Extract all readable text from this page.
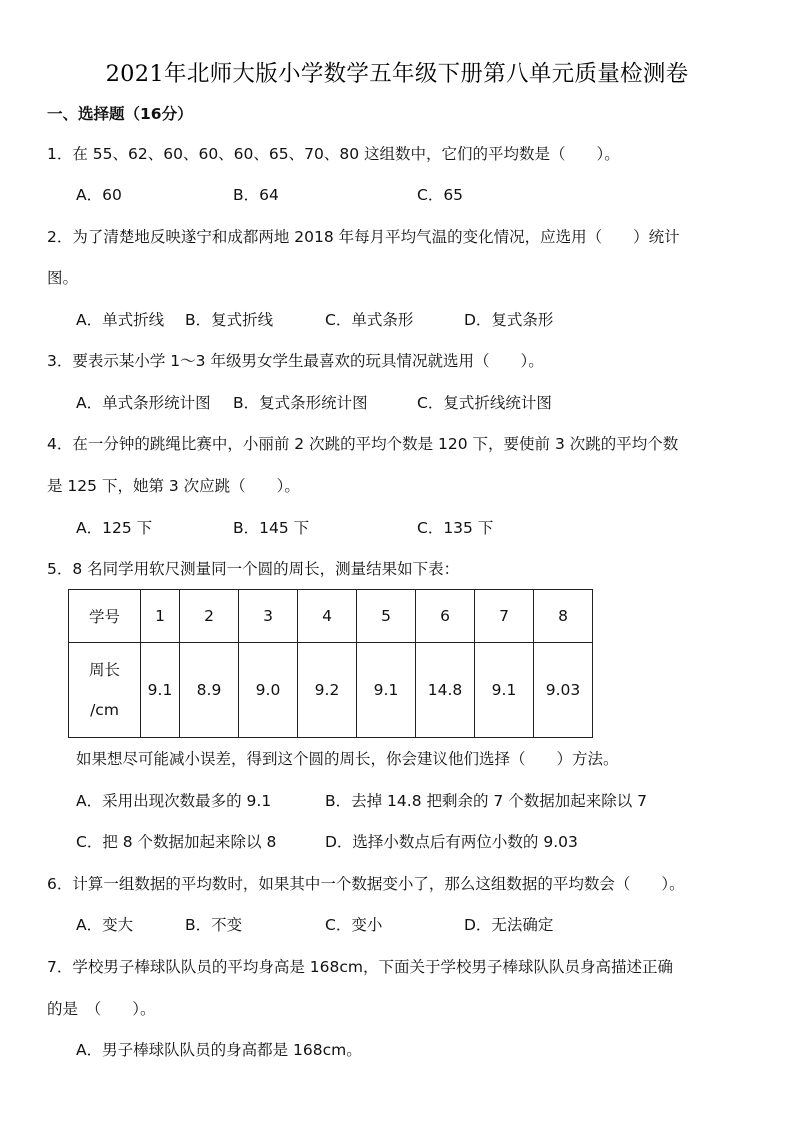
2021年北师大版小学数学五年级下册第八单元质量检测卷
一、选择题（16分）
1．在 55、62、60、60、60、65、70、80 这组数中，它们的平均数是（　　）。
A．60	B．64	C．65
2．为了清楚地反映遂宁和成都两地 2018 年每月平均气温的变化情况，应选用（　　）统计
图。
A．单式折线 B．复式折线	C．单式条形	D．复式条形
3．要表示某小学 1～3 年级男女学生最喜欢的玩具情况就选用（　　）。
A．单式条形统计图 B．复式条形统计图	C．复式折线统计图
4．在一分钟的跳绳比赛中，小丽前 2 次跳的平均个数是 120 下，要使前 3 次跳的平均个数
是 125 下，她第 3 次应跳（　　）。
A．125 下	B．145 下	C．135 下
5．8 名同学用软尺测量同一个圆的周长，测量结果如下表：
学号	1	2	3	4	5	6	7	8

周长
/cm	9.1	8.9	9.0	9.2	9.1	14.8	9.1	9.03
如果想尽可能减小误差，得到这个圆的周长，你会建议他们选择（　　）方法。
A．采用出现次数最多的 9.1	B．去掉 14.8 把剩余的 7 个数据加起来除以 7
C．把 8 个数据加起来除以 8	D．选择小数点后有两位小数的 9.03
6．计算一组数据的平均数时，如果其中一个数据变小了，那么这组数据的平均数会（　　）。
A．变大	B．不变	C．变小	D．无法确定
7．学校男子棒球队队员的平均身高是 168cm，下面关于学校男子棒球队队员身高描述正确
的是　（　　）。
A．男子棒球队队员的身高都是 168cm。
